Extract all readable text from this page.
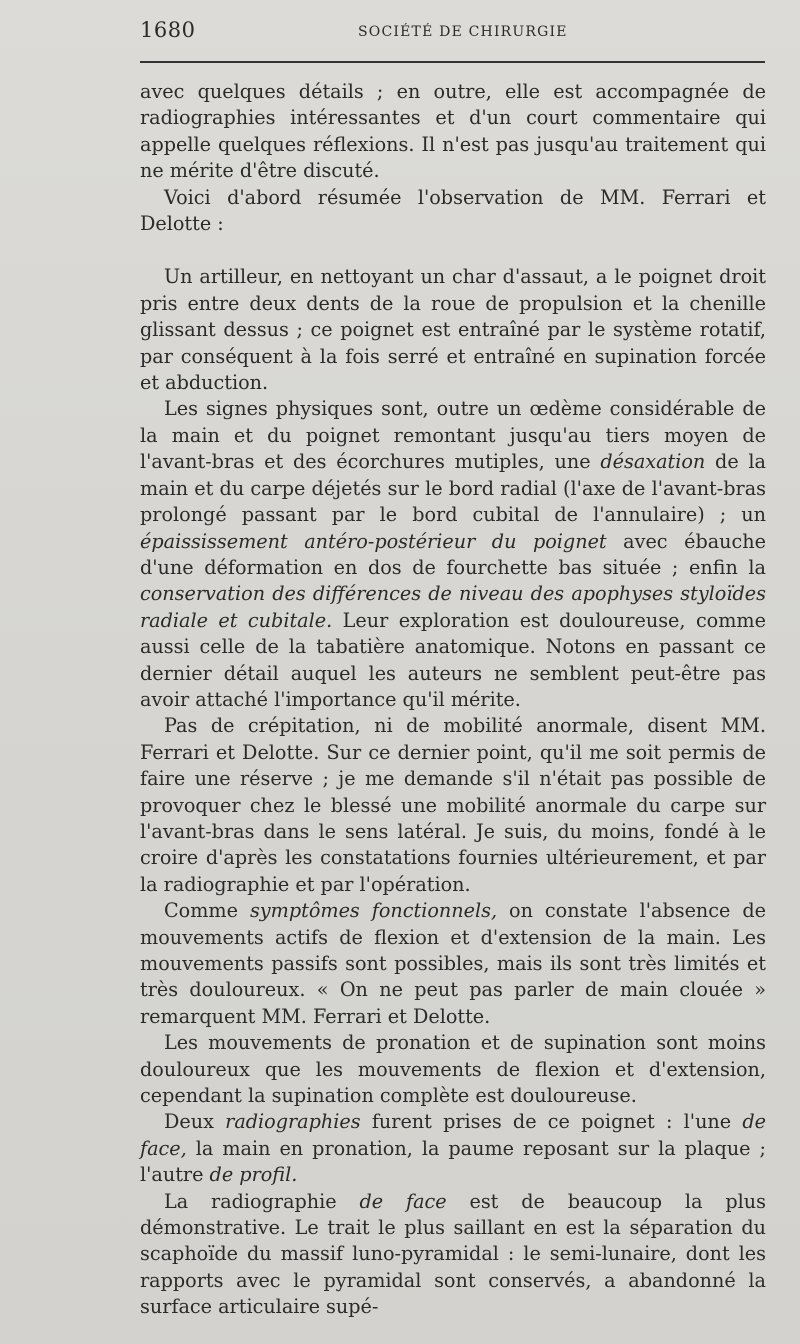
1680	SOCIÉTÉ DE CHIRURGIE

avec quelques détails ; en outre, elle est accompagnée de radiographies intéressantes et d'un court commentaire qui appelle quelques réflexions. Il n'est pas jusqu'au traitement qui ne mérite d'être discuté.

Voici d'abord résumée l'observation de MM. Ferrari et Delotte :

Un artilleur, en nettoyant un char d'assaut, a le poignet droit pris entre deux dents de la roue de propulsion et la chenille glissant dessus ; ce poignet est entraîné par le système rotatif, par conséquent à la fois serré et entraîné en supination forcée et abduction.

Les signes physiques sont, outre un œdème considérable de la main et du poignet remontant jusqu'au tiers moyen de l'avant-bras et des écorchures mutiples, une désaxation de la main et du carpe déjetés sur le bord radial (l'axe de l'avant-bras prolongé passant par le bord cubital de l'annulaire) ; un épaississement antéro-postérieur du poignet avec ébauche d'une déformation en dos de fourchette bas située ; enfin la conservation des différences de niveau des apophyses styloïdes radiale et cubitale. Leur exploration est douloureuse, comme aussi celle de la tabatière anatomique. Notons en passant ce dernier détail auquel les auteurs ne semblent peut-être pas avoir attaché l'importance qu'il mérite.

Pas de crépitation, ni de mobilité anormale, disent MM. Ferrari et Delotte. Sur ce dernier point, qu'il me soit permis de faire une réserve ; je me demande s'il n'était pas possible de provoquer chez le blessé une mobilité anormale du carpe sur l'avant-bras dans le sens latéral. Je suis, du moins, fondé à le croire d'après les constatations fournies ultérieurement, et par la radiographie et par l'opération.

Comme symptômes fonctionnels, on constate l'absence de mouvements actifs de flexion et d'extension de la main. Les mouvements passifs sont possibles, mais ils sont très limités et très douloureux. « On ne peut pas parler de main clouée » remarquent MM. Ferrari et Delotte.

Les mouvements de pronation et de supination sont moins douloureux que les mouvements de flexion et d'extension, cependant la supination complète est douloureuse.

Deux radiographies furent prises de ce poignet : l'une de face, la main en pronation, la paume reposant sur la plaque ; l'autre de profil.

La radiographie de face est de beaucoup la plus démonstrative. Le trait le plus saillant en est la séparation du scaphoïde du massif luno-pyramidal : le semi-lunaire, dont les rapports avec le pyramidal sont conservés, a abandonné la surface articulaire supé-
